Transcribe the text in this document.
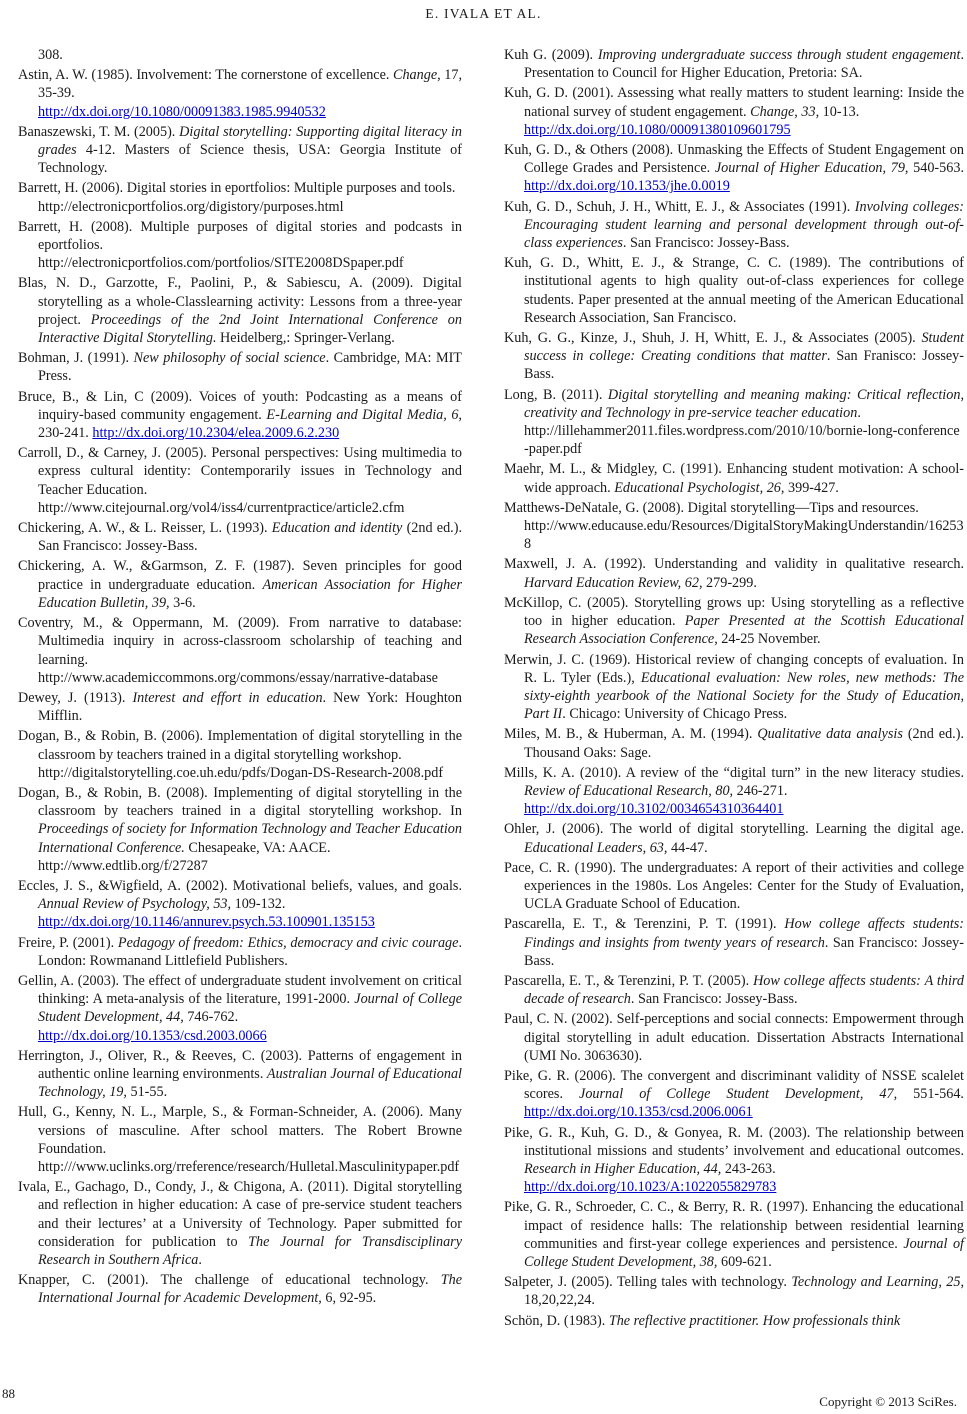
E. IVALA ET AL.
308.
Astin, A. W. (1985). Involvement: The cornerstone of excellence. Change, 17, 35-39.
http://dx.doi.org/10.1080/00091383.1985.9940532
Banaszewski, T. M. (2005). Digital storytelling: Supporting digital literacy in grades 4-12. Masters of Science thesis, USA: Georgia Institute of Technology.
Barrett, H. (2006). Digital stories in eportfolios: Multiple purposes and tools.
http://electronicportfolios.org/digistory/purposes.html
Barrett, H. (2008). Multiple purposes of digital stories and podcasts in eportfolios.
http://electronicportfolios.com/portfolios/SITE2008DSpaper.pdf
Blas, N. D., Garzotte, F., Paolini, P., & Sabiescu, A. (2009). Digital storytelling as a whole-Classlearning activity: Lessons from a three-year project. Proceedings of the 2nd Joint International Conference on Interactive Digital Storytelling. Heidelberg,: Springer-Verlang.
Bohman, J. (1991). New philosophy of social science. Cambridge, MA: MIT Press.
Bruce, B., & Lin, C (2009). Voices of youth: Podcasting as a means of inquiry-based community engagement. E-Learning and Digital Media, 6, 230-241. http://dx.doi.org/10.2304/elea.2009.6.2.230
Carroll, D., & Carney, J. (2005). Personal perspectives: Using multimedia to express cultural identity: Contemporarily issues in Technology and Teacher Education.
http://www.citejournal.org/vol4/iss4/currentpractice/article2.cfm
Chickering, A. W., & L. Reisser, L. (1993). Education and identity (2nd ed.). San Francisco: Jossey-Bass.
Chickering, A. W., &Garmson, Z. F. (1987). Seven principles for good practice in undergraduate education. American Association for Higher Education Bulletin, 39, 3-6.
Coventry, M., & Oppermann, M. (2009). From narrative to database: Multimedia inquiry in across-classroom scholarship of teaching and learning.
http://www.academiccommons.org/commons/essay/narrative-database
Dewey, J. (1913). Interest and effort in education. New York: Houghton Mifflin.
Dogan, B., & Robin, B. (2006). Implementation of digital storytelling in the classroom by teachers trained in a digital storytelling workshop.
http://digitalstorytelling.coe.uh.edu/pdfs/Dogan-DS-Research-2008.pdf
Dogan, B., & Robin, B. (2008). Implementing of digital storytelling in the classroom by teachers trained in a digital storytelling workshop. In Proceedings of society for Information Technology and Teacher Education International Conference. Chesapeake, VA: AACE.
http://www.edtlib.org/f/27287
Eccles, J. S., &Wigfield, A. (2002). Motivational beliefs, values, and goals. Annual Review of Psychology, 53, 109-132.
http://dx.doi.org/10.1146/annurev.psych.53.100901.135153
Freire, P. (2001). Pedagogy of freedom: Ethics, democracy and civic courage. London: Rowmanand Littlefield Publishers.
Gellin, A. (2003). The effect of undergraduate student involvement on critical thinking: A meta-analysis of the literature, 1991-2000. Journal of College Student Development, 44, 746-762.
http://dx.doi.org/10.1353/csd.2003.0066
Herrington, J., Oliver, R., & Reeves, C. (2003). Patterns of engagement in authentic online learning environments. Australian Journal of Educational Technology, 19, 51-55.
Hull, G., Kenny, N. L., Marple, S., & Forman-Schneider, A. (2006). Many versions of masculine. After school matters. The Robert Browne Foundation.
http:///www.uclinks.org/rreference/research/Hulletal.Masculinitypaper.pdf
Ivala, E., Gachago, D., Condy, J., & Chigona, A. (2011). Digital storytelling and reflection in higher education: A case of pre-service student teachers and their lectures’ at a University of Technology. Paper submitted for consideration for publication to The Journal for Transdisciplinary Research in Southern Africa.
Knapper, C. (2001). The challenge of educational technology. The International Journal for Academic Development, 6, 92-95.
Kuh G. (2009). Improving undergraduate success through student engagement. Presentation to Council for Higher Education, Pretoria: SA.
Kuh, G. D. (2001). Assessing what really matters to student learning: Inside the national survey of student engagement. Change, 33, 10-13.
http://dx.doi.org/10.1080/00091380109601795
Kuh, G. D., & Others (2008). Unmasking the Effects of Student Engagement on College Grades and Persistence. Journal of Higher Education, 79, 540-563. http://dx.doi.org/10.1353/jhe.0.0019
Kuh, G. D., Schuh, J. H., Whitt, E. J., & Associates (1991). Involving colleges: Encouraging student learning and personal development through out-of-class experiences. San Francisco: Jossey-Bass.
Kuh, G. D., Whitt, E. J., & Strange, C. C. (1989). The contributions of institutional agents to high quality out-of-class experiences for college students. Paper presented at the annual meeting of the American Educational Research Association, San Francisco.
Kuh, G. G., Kinze, J., Shuh, J. H, Whitt, E. J., & Associates (2005). Student success in college: Creating conditions that matter. San Franisco: Jossey-Bass.
Long, B. (2011). Digital storytelling and meaning making: Critical reflection, creativity and Technology in pre-service teacher education.
http://lillehammer2011.files.wordpress.com/2010/10/bornie-long-conference-paper.pdf
Maehr, M. L., & Midgley, C. (1991). Enhancing student motivation: A school-wide approach. Educational Psychologist, 26, 399-427.
Matthews-DeNatale, G. (2008). Digital storytelling—Tips and resources.
http://www.educause.edu/Resources/DigitalStoryMakingUnderstandin/162538
Maxwell, J. A. (1992). Understanding and validity in qualitative research. Harvard Education Review, 62, 279-299.
McKillop, C. (2005). Storytelling grows up: Using storytelling as a reflective too in higher education. Paper Presented at the Scottish Educational Research Association Conference, 24-25 November.
Merwin, J. C. (1969). Historical review of changing concepts of evaluation. In R. L. Tyler (Eds.), Educational evaluation: New roles, new methods: The sixty-eighth yearbook of the National Society for the Study of Education, Part II. Chicago: University of Chicago Press.
Miles, M. B., & Huberman, A. M. (1994). Qualitative data analysis (2nd ed.). Thousand Oaks: Sage.
Mills, K. A. (2010). A review of the “digital turn” in the new literacy studies. Review of Educational Research, 80, 246-271.
http://dx.doi.org/10.3102/0034654310364401
Ohler, J. (2006). The world of digital storytelling. Learning the digital age. Educational Leaders, 63, 44-47.
Pace, C. R. (1990). The undergraduates: A report of their activities and college experiences in the 1980s. Los Angeles: Center for the Study of Evaluation, UCLA Graduate School of Education.
Pascarella, E. T., & Terenzini, P. T. (1991). How college affects students: Findings and insights from twenty years of research. San Francisco: Jossey-Bass.
Pascarella, E. T., & Terenzini, P. T. (2005). How college affects students: A third decade of research. San Francisco: Jossey-Bass.
Paul, C. N. (2002). Self-perceptions and social connects: Empowerment through digital storytelling in adult education. Dissertation Abstracts International (UMI No. 3063630).
Pike, G. R. (2006). The convergent and discriminant validity of NSSE scalelet scores. Journal of College Student Development, 47, 551-564. http://dx.doi.org/10.1353/csd.2006.0061
Pike, G. R., Kuh, G. D., & Gonyea, R. M. (2003). The relationship between institutional missions and students’ involvement and educational outcomes. Research in Higher Education, 44, 243-263.
http://dx.doi.org/10.1023/A:1022055829783
Pike, G. R., Schroeder, C. C., & Berry, R. R. (1997). Enhancing the educational impact of residence halls: The relationship between residential learning communities and first-year college experiences and persistence. Journal of College Student Development, 38, 609-621.
Salpeter, J. (2005). Telling tales with technology. Technology and Learning, 25, 18,20,22,24.
Schön, D. (1983). The reflective practitioner. How professionals think
88
Copyright © 2013 SciRes.
